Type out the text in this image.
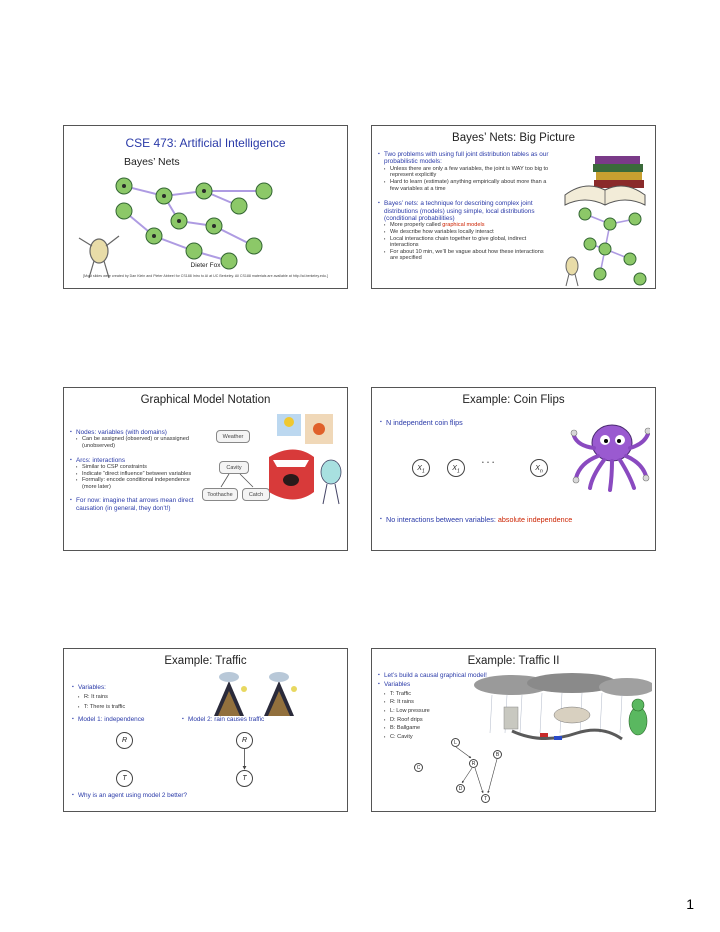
CSE 473: Artificial Intelligence
Bayes’ Nets
Dieter Fox
[Most slides were created by Dan Klein and Pieter Abbeel for CS188 Intro to AI at UC Berkeley. All CS188 materials are available at http://ai.berkeley.edu.]
Bayes’ Nets: Big Picture
▪ Two problems with using full joint distribution tables as our probabilistic models:
▪ Unless there are only a few variables, the joint is WAY too big to represent explicitly
▪ Hard to learn (estimate) anything empirically about more than a few variables at a time
▪ Bayes’ nets: a technique for describing complex joint distributions (models) using simple, local distributions (conditional probabilities)
▪ More properly called graphical models
▪ We describe how variables locally interact
▪ Local interactions chain together to give global, indirect interactions
▪ For about 10 min, we’ll be vague about how these interactions are specified
Graphical Model Notation
▪ Nodes: variables (with domains)
▪ Can be assigned (observed) or unassigned (unobserved)
▪ Arcs: interactions
▪ Similar to CSP constraints
▪ Indicate “direct influence” between variables
▪ Formally: encode conditional independence (more later)
▪ For now: imagine that arrows mean direct causation (in general, they don’t!)
Weather
Cavity
Toothache	Catch
Example: Coin Flips
▪ N independent coin flips
$X_1$	$X_1$
• • •
$X_n$
▪ No interactions between variables: absolute independence
Example: Traffic
▪ Variables:
▪ R: It rains
▪ T: There is traffic
▪ Model 1: independence
▪	Model 2: rain causes traffic
R
T
R
T
▪ Why is an agent using model 2 better?
Example: Traffic II
▪ Let’s build a causal graphical model!
▪ Variables
▪ T: Traffic
▪ R: It rains
▪ L: Low pressure
▪ D: Roof drips
▪ B: Ballgame
▪ C: Cavity
L
B
R
C
D
T
1
